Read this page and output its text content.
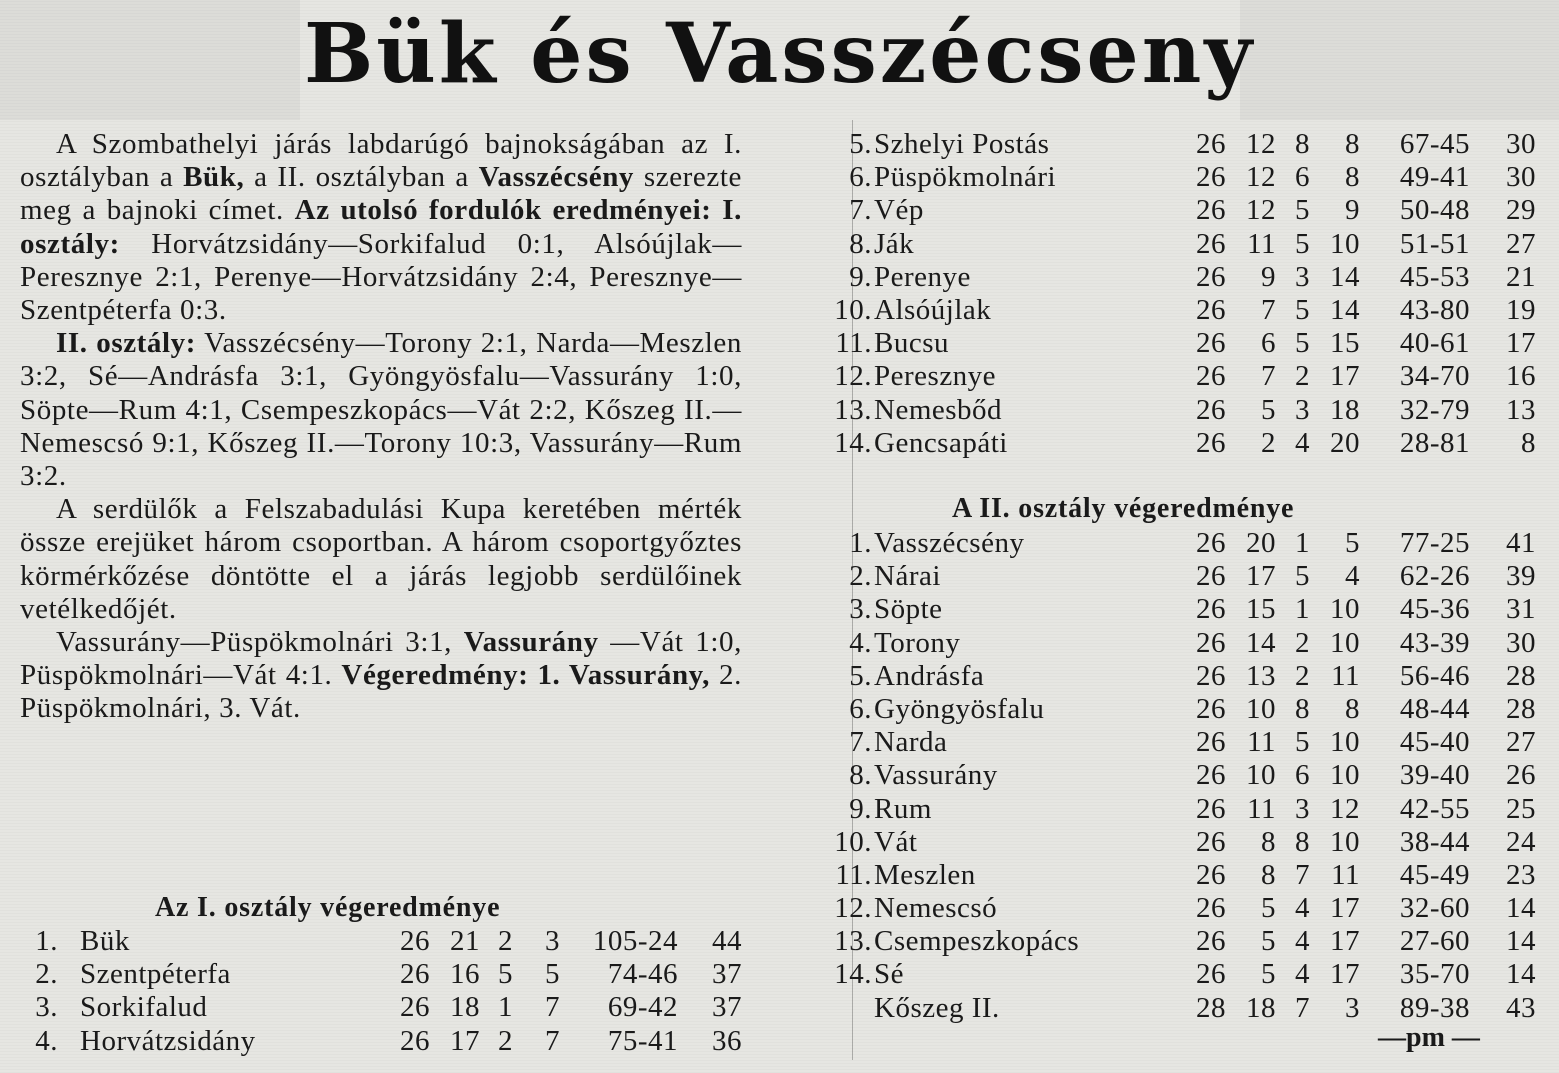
Bük és Vasszécseny

A Szombathelyi járás labdarúgó bajnokságában az I. osztályban a Bük, a II. osztályban a Vasszécsény szerezte meg a bajnoki címet. Az utolsó fordulók eredményei: I. osztály: Horvátzsidány—Sorkifalud 0:1, Alsóújlak—Peresznye 2:1, Perenye—Horvátzsidány 2:4, Peresznye—Szentpéterfa 0:3.

II. osztály: Vasszécsény—Torony 2:1, Narda—Meszlen 3:2, Sé—Andrásfa 3:1, Gyöngyösfalu—Vassurány 1:0, Söpte—Rum 4:1, Csempeszkopács—Vát 2:2, Kőszeg II.—Nemescsó 9:1, Kőszeg II.—Torony 10:3, Vassurány—Rum 3:2.

A serdülők a Felszabadulási Kupa keretében mérték össze erejüket három csoportban. A három csoportgyőztes körmérkőzése döntötte el a járás legjobb serdülőinek vetélkedőjét.

Vassurány—Püspökmolnári 3:1, Vassurány —Vát 1:0, Püspökmolnári—Vát 4:1. Végeredmény: 1. Vassurány, 2. Püspökmolnári, 3. Vát.

Az I. osztály végeredménye
A II. osztály végeredménye
1. Bük	26 21 2	3	105-24	44
2. Szentpéterfa	26 16 5	5	74-46	37
3. Sorkifalud	26 18 1	7	69-42	37
4. Horvátzsidány	26 17 2	7	75-41	36
5. Szhelyi Postás	26 12 8	8	67-45	30
6. Püspökmolnári	26 12 6	8	49-41	30
7. Vép	26 12 5	9	50-48	29
8. Ják	26 11 5 10	51-51	27
9. Perenye	26	9 3 14	45-53	21
10. Alsóújlak	26	7 5 14	43-80	19
11. Bucsu	26	6 5 15	40-61	17
12. Peresznye	26	7 2 17	34-70	16
13. Nemesbőd	26	5 3 18	32-79	13
14. Gencsapáti	26	2 4 20	28-81	8
1. Vasszécsény	26 20 1	5	77-25	41
2. Nárai	26 17 5	4	62-26	39
3. Söpte	26 15 1 10	45-36	31
4. Torony	26 14 2 10	43-39	30
5. Andrásfa	26 13 2 11	56-46	28
6. Gyöngyösfalu	26 10 8	8	48-44	28
7. Narda	26 11 5 10	45-40	27
8. Vassurány	26 10 6 10	39-40	26
9. Rum	26 11 3 12	42-55	25
10. Vát	26	8 8 10	38-44	24
11. Meszlen	26	8 7 11	45-49	23
12. Nemescsó	26	5 4 17	32-60	14
13. Csempeszkopács	26	5 4 17	27-60	14
14. Sé	26	5 4 17	35-70	14
Kőszeg II.	28 18 7	3	89-38	43
—pm —
